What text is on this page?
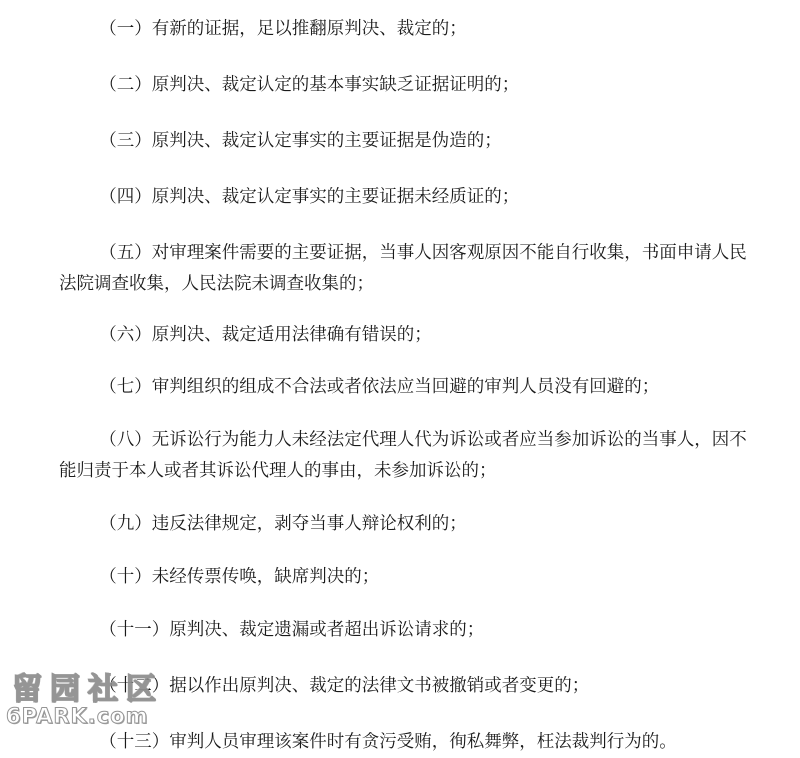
（一）有新的证据，足以推翻原判决、裁定的；

（二）原判决、裁定认定的基本事实缺乏证据证明的；

（三）原判决、裁定认定事实的主要证据是伪造的；

（四）原判决、裁定认定事实的主要证据未经质证的；

（五）对审理案件需要的主要证据，当事人因客观原因不能自行收集，书面申请人民法院调查收集，人民法院未调查收集的；

（六）原判决、裁定适用法律确有错误的；

（七）审判组织的组成不合法或者依法应当回避的审判人员没有回避的；

（八）无诉讼行为能力人未经法定代理人代为诉讼或者应当参加诉讼的当事人，因不能归责于本人或者其诉讼代理人的事由，未参加诉讼的；

（九）违反法律规定，剥夺当事人辩论权利的；

（十）未经传票传唤，缺席判决的；

（十一）原判决、裁定遗漏或者超出诉讼请求的；

（十二）据以作出原判决、裁定的法律文书被撤销或者变更的；

（十三）审判人员审理该案件时有贪污受贿，徇私舞弊，枉法裁判行为的。

留园社区
6PARK.com
